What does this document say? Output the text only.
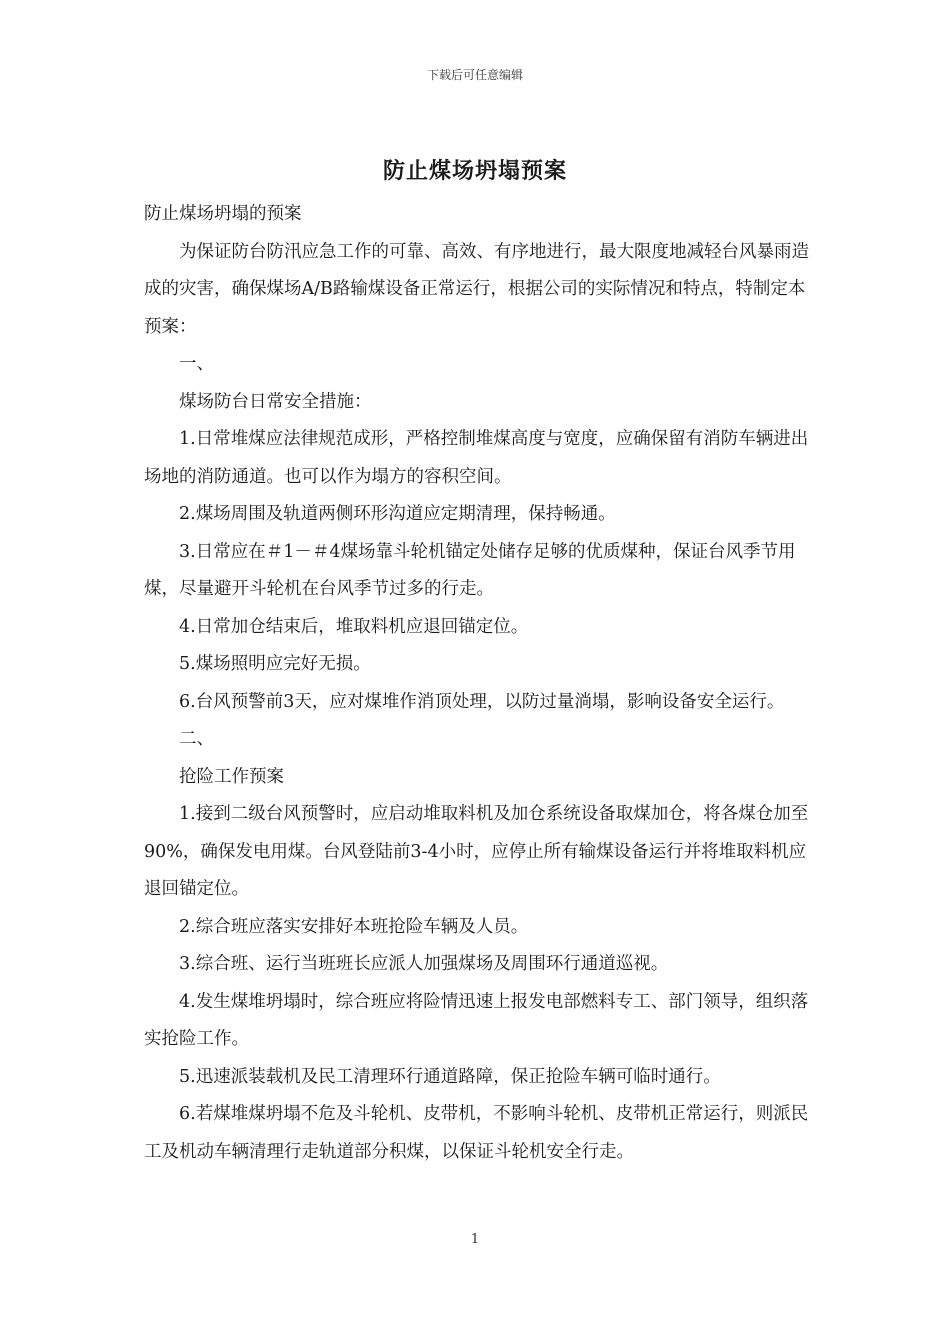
下载后可任意编辑
防止煤场坍塌预案

防止煤场坍塌的预案

为保证防台防汛应急工作的可靠、高效、有序地进行，最大限度地减轻台风暴雨造成的灾害，确保煤场A/B路输煤设备正常运行，根据公司的实际情况和特点，特制定本预案：

一、

煤场防台日常安全措施：

1.日常堆煤应法律规范成形，严格控制堆煤高度与宽度，应确保留有消防车辆进出场地的消防通道。也可以作为塌方的容积空间。

2.煤场周围及轨道两侧环形沟道应定期清理，保持畅通。

3.日常应在＃1－＃4煤场靠斗轮机锚定处储存足够的优质煤种，保证台风季节用煤，尽量避开斗轮机在台风季节过多的行走。

4.日常加仓结束后，堆取料机应退回锚定位。

5.煤场照明应完好无损。

6.台风预警前3天，应对煤堆作消顶处理，以防过量淌塌，影响设备安全运行。

二、

抢险工作预案

1.接到二级台风预警时，应启动堆取料机及加仓系统设备取煤加仓，将各煤仓加至90%，确保发电用煤。台风登陆前3-4小时，应停止所有输煤设备运行并将堆取料机应退回锚定位。

2.综合班应落实安排好本班抢险车辆及人员。

3.综合班、运行当班班长应派人加强煤场及周围环行通道巡视。

4.发生煤堆坍塌时，综合班应将险情迅速上报发电部燃料专工、部门领导，组织落实抢险工作。

5.迅速派装载机及民工清理环行通道路障，保正抢险车辆可临时通行。

6.若煤堆煤坍塌不危及斗轮机、皮带机，不影响斗轮机、皮带机正常运行，则派民工及机动车辆清理行走轨道部分积煤，以保证斗轮机安全行走。

1
